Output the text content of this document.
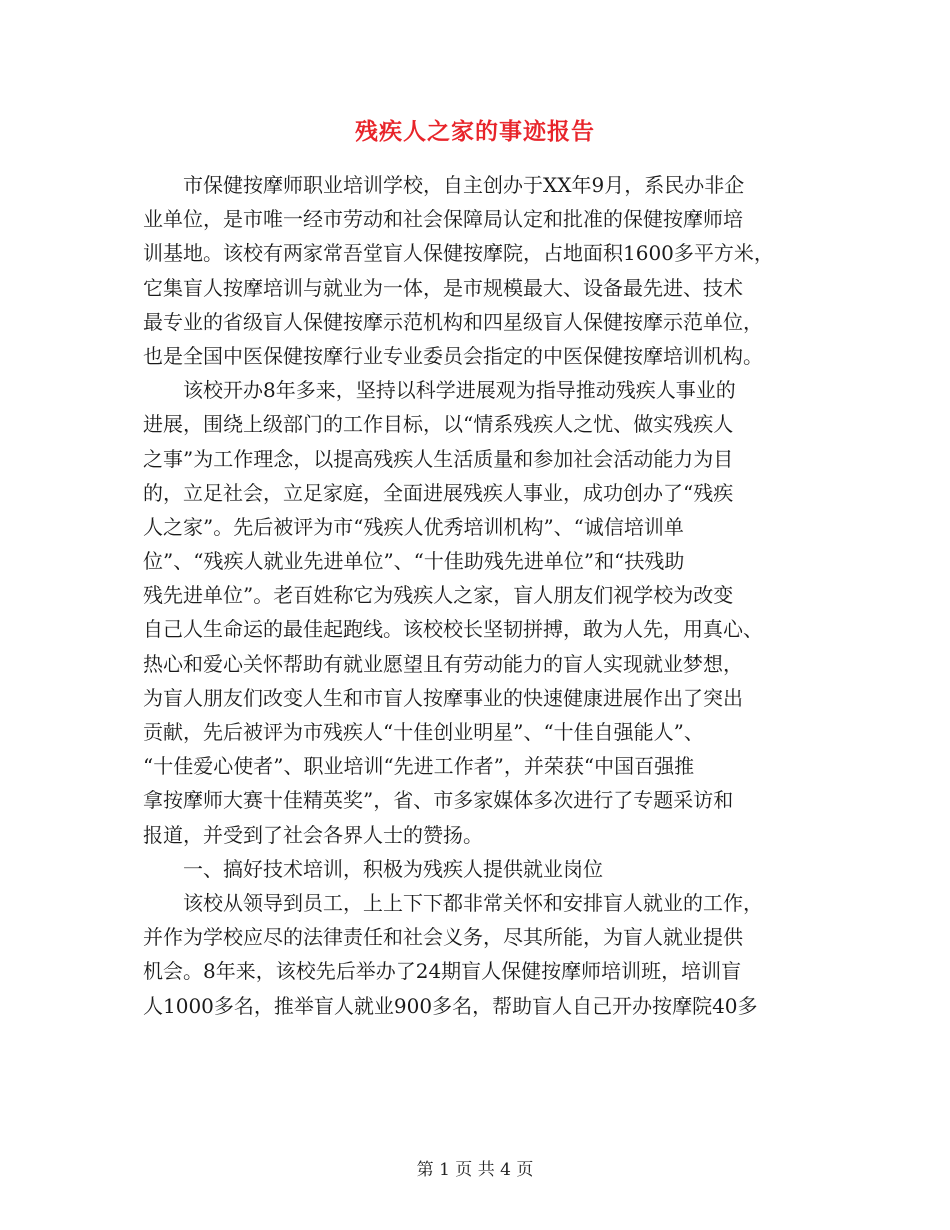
残疾人之家的事迹报告
　　市保健按摩师职业培训学校，自主创办于XX年9月，系民办非企
业单位，是市唯一经市劳动和社会保障局认定和批准的保健按摩师培
训基地。该校有两家常吾堂盲人保健按摩院，占地面积1600多平方米，
它集盲人按摩培训与就业为一体，是市规模最大、设备最先进、技术
最专业的省级盲人保健按摩示范机构和四星级盲人保健按摩示范单位，
也是全国中医保健按摩行业专业委员会指定的中医保健按摩培训机构。
　　该校开办8年多来，坚持以科学进展观为指导推动残疾人事业的
进展，围绕上级部门的工作目标，以“情系残疾人之忧、做实残疾人
之事”为工作理念，以提高残疾人生活质量和参加社会活动能力为目
的，立足社会，立足家庭，全面进展残疾人事业，成功创办了“残疾
人之家”。先后被评为市“残疾人优秀培训机构”、“诚信培训单
位”、“残疾人就业先进单位”、“十佳助残先进单位”和“扶残助
残先进单位”。老百姓称它为残疾人之家，盲人朋友们视学校为改变
自己人生命运的最佳起跑线。该校校长坚韧拼搏，敢为人先，用真心、
热心和爱心关怀帮助有就业愿望且有劳动能力的盲人实现就业梦想，
为盲人朋友们改变人生和市盲人按摩事业的快速健康进展作出了突出
贡献，先后被评为市残疾人“十佳创业明星”、“十佳自强能人”、
“十佳爱心使者”、职业培训“先进工作者”，并荣获“中国百强推
拿按摩师大赛十佳精英奖”，省、市多家媒体多次进行了专题采访和
报道，并受到了社会各界人士的赞扬。
　　一、搞好技术培训，积极为残疾人提供就业岗位
　　该校从领导到员工，上上下下都非常关怀和安排盲人就业的工作，
并作为学校应尽的法律责任和社会义务，尽其所能，为盲人就业提供
机会。8年来，该校先后举办了24期盲人保健按摩师培训班，培训盲
人1000多名，推举盲人就业900多名，帮助盲人自己开办按摩院40多
第 1 页 共 4 页
